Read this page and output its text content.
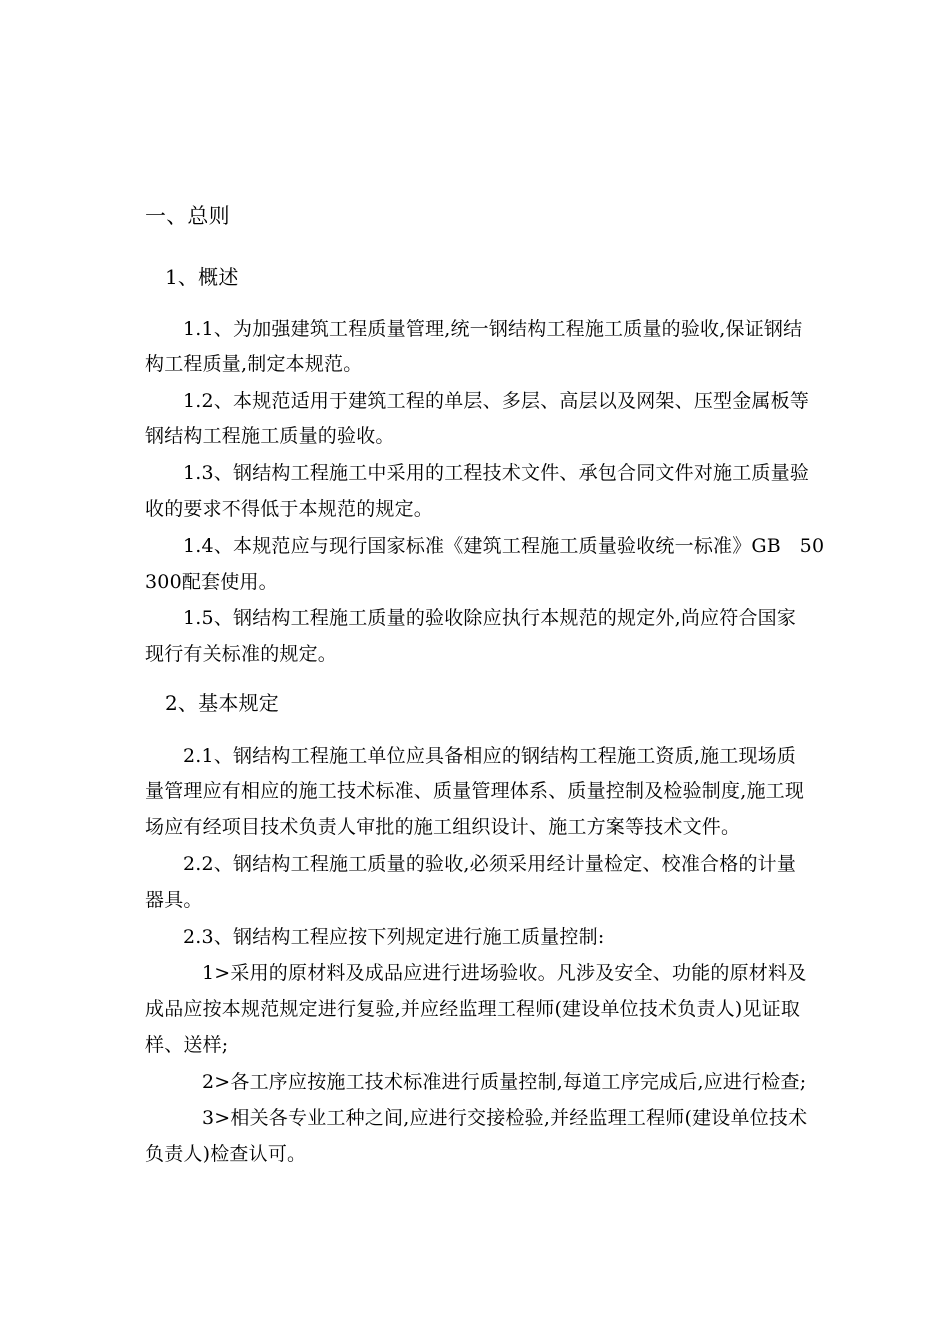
一、总则
1、概述
1.1、为加强建筑工程质量管理,统一钢结构工程施工质量的验收,保证钢结
构工程质量,制定本规范。
1.2、本规范适用于建筑工程的单层、多层、高层以及网架、压型金属板等
钢结构工程施工质量的验收。
1.3、钢结构工程施工中采用的工程技术文件、承包合同文件对施工质量验
收的要求不得低于本规范的规定。
1.4、本规范应与现行国家标准《建筑工程施工质量验收统一标准》GB   50
300配套使用。
1.5、钢结构工程施工质量的验收除应执行本规范的规定外,尚应符合国家
现行有关标准的规定。
2、基本规定
2.1、钢结构工程施工单位应具备相应的钢结构工程施工资质,施工现场质
量管理应有相应的施工技术标准、质量管理体系、质量控制及检验制度,施工现
场应有经项目技术负责人审批的施工组织设计、施工方案等技术文件。
2.2、钢结构工程施工质量的验收,必须采用经计量检定、校准合格的计量
器具。
2.3、钢结构工程应按下列规定进行施工质量控制:
1>采用的原材料及成品应进行进场验收。凡涉及安全、功能的原材料及
成品应按本规范规定进行复验,并应经监理工程师(建设单位技术负责人)见证取
样、送样;
2>各工序应按施工技术标准进行质量控制,每道工序完成后,应进行检查;
3>相关各专业工种之间,应进行交接检验,并经监理工程师(建设单位技术
负责人)检查认可。
